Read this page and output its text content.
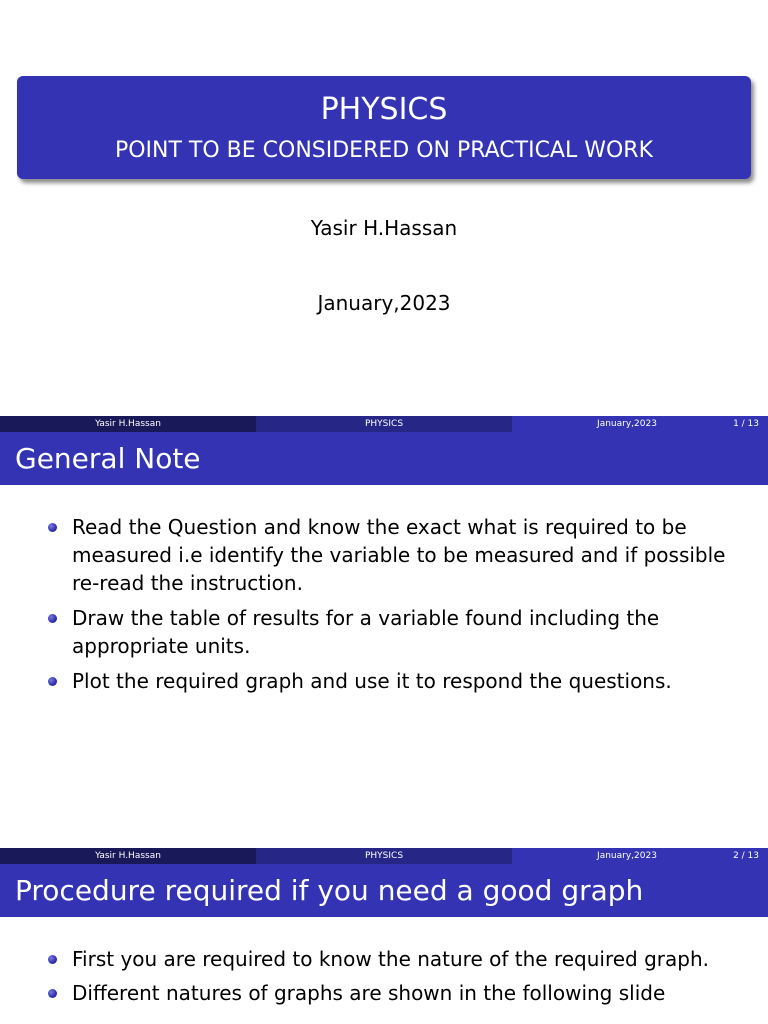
PHYSICS
POINT TO BE CONSIDERED ON PRACTICAL WORK
Yasir H.Hassan
January,2023
Yasir H.Hassan	PHYSICS	January,2023	1 / 13
General Note
Read the Question and know the exact what is required to be measured i.e identify the variable to be measured and if possible re-read the instruction.
Draw the table of results for a variable found including the appropriate units.
Plot the required graph and use it to respond the questions.
Yasir H.Hassan	PHYSICS	January,2023	2 / 13
Procedure required if you need a good graph
First you are required to know the nature of the required graph.
Different natures of graphs are shown in the following slide
